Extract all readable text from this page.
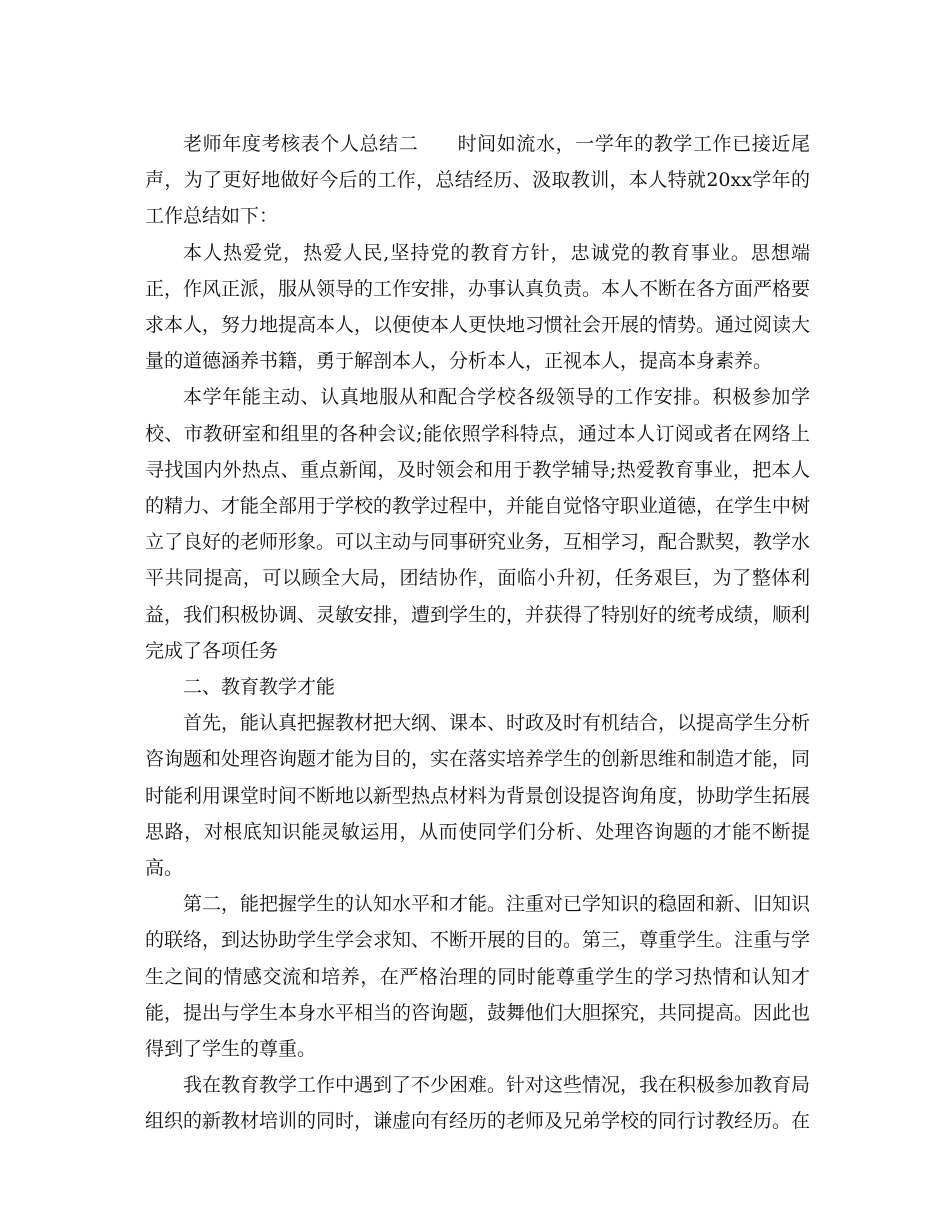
老师年度考核表个人总结二　　时间如流水，一学年的教学工作已接近尾声，为了更好地做好今后的工作，总结经历、汲取教训，本人特就20xx学年的工作总结如下：

本人热爱党，热爱人民,坚持党的教育方针，忠诚党的教育事业。思想端正，作风正派，服从领导的工作安排，办事认真负责。本人不断在各方面严格要求本人，努力地提高本人，以便使本人更快地习惯社会开展的情势。通过阅读大量的道德涵养书籍，勇于解剖本人，分析本人，正视本人，提高本身素养。

本学年能主动、认真地服从和配合学校各级领导的工作安排。积极参加学校、市教研室和组里的各种会议;能依照学科特点，通过本人订阅或者在网络上寻找国内外热点、重点新闻，及时领会和用于教学辅导;热爱教育事业，把本人的精力、才能全部用于学校的教学过程中，并能自觉恪守职业道德，在学生中树立了良好的老师形象。可以主动与同事研究业务，互相学习，配合默契，教学水平共同提高，可以顾全大局，团结协作，面临小升初，任务艰巨，为了整体利益，我们积极协调、灵敏安排，遭到学生的，并获得了特别好的统考成绩，顺利完成了各项任务

二、教育教学才能

首先，能认真把握教材把大纲、课本、时政及时有机结合，以提高学生分析咨询题和处理咨询题才能为目的，实在落实培养学生的创新思维和制造才能，同时能利用课堂时间不断地以新型热点材料为背景创设提咨询角度，协助学生拓展思路，对根底知识能灵敏运用，从而使同学们分析、处理咨询题的才能不断提高。

第二，能把握学生的认知水平和才能。注重对已学知识的稳固和新、旧知识的联络，到达协助学生学会求知、不断开展的目的。第三，尊重学生。注重与学生之间的情感交流和培养，在严格治理的同时能尊重学生的学习热情和认知才能，提出与学生本身水平相当的咨询题，鼓舞他们大胆探究，共同提高。因此也得到了学生的尊重。

我在教育教学工作中遇到了不少困难。针对这些情况，我在积极参加教育局组织的新教材培训的同时，谦虚向有经历的老师及兄弟学校的同行讨教经历。在
